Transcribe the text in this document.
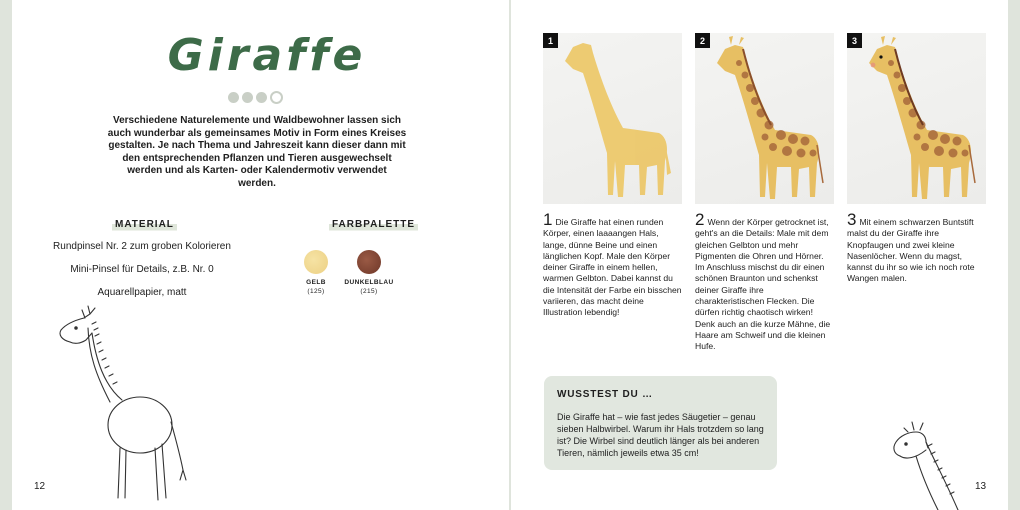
Giraffe
Verschiedene Naturelemente und Waldbewohner lassen sich auch wunderbar als gemeinsames Motiv in Form eines Kreises gestalten. Je nach Thema und Jahreszeit kann dieser dann mit den entsprechenden Pflanzen und Tieren ausgewechselt werden und als Karten- oder Kalendermotiv verwendet werden.
MATERIAL
Rundpinsel Nr. 2 zum groben Kolorieren
Mini-Pinsel für Details, z.B. Nr. 0
Aquarellpapier, matt
FARBPALETTE
GELB
(125)
DUNKELBLAU
(215)
12
1	2	3
1 Die Giraffe hat einen runden Körper, einen laaaangen Hals, lange, dünne Beine und einen länglichen Kopf. Male den Körper deiner Giraffe in einem hellen, warmen Gelbton. Dabei kannst du die Intensität der Farbe ein bisschen variieren, das macht deine Illustration lebendig!
2 Wenn der Körper getrocknet ist, geht's an die Details: Male mit dem gleichen Gelbton und mehr Pigmenten die Ohren und Hörner. Im Anschluss mischst du dir einen schönen Braunton und schenkst deiner Giraffe ihre charakteristischen Flecken. Die dürfen richtig chaotisch wirken! Denk auch an die kurze Mähne, die Haare am Schweif und die kleinen Hufe.
3 Mit einem schwarzen Buntstift malst du der Giraffe ihre Knopfaugen und zwei kleine Nasenlöcher. Wenn du magst, kannst du ihr so wie ich noch rote Wangen malen.
WUSSTEST DU …
Die Giraffe hat – wie fast jedes Säugetier – genau sieben Halbwirbel. Warum ihr Hals trotzdem so lang ist? Die Wirbel sind deutlich länger als bei anderen Tieren, nämlich jeweils etwa 35 cm!
13
